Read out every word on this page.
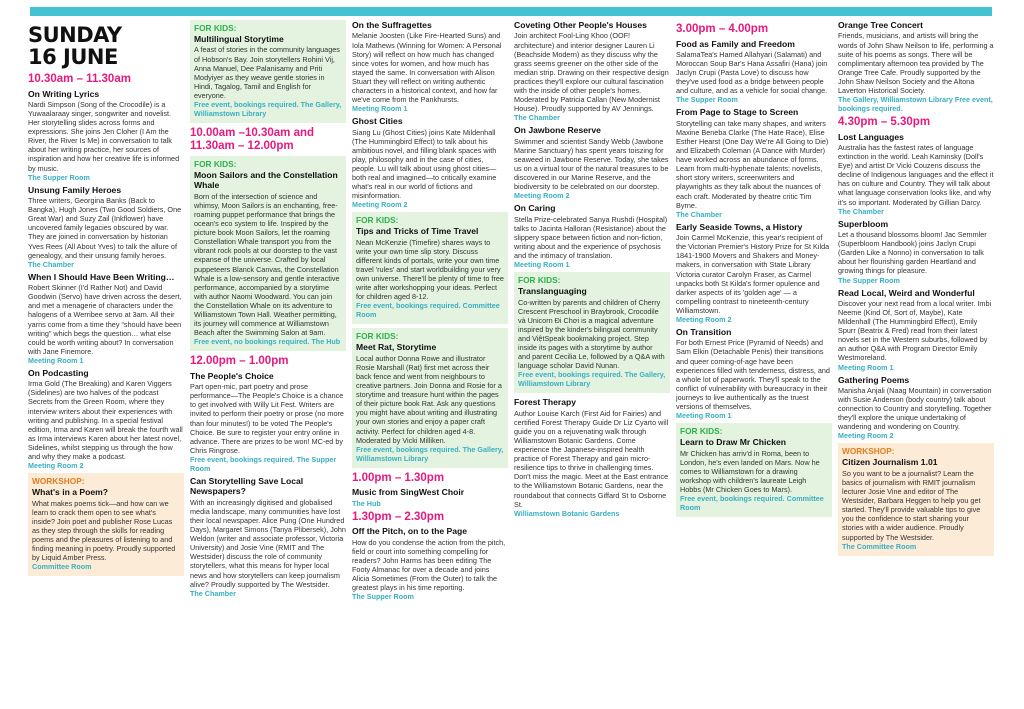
SUNDAY
16 JUNE
10.30am – 11.30am
On Writing Lyrics
Nardi Simpson (Song of the Crocodile) is a Yuwaalaraay singer, songwriter and novelist. Her storytelling slides across forms and expressions. She joins Jen Cloher (I Am the River, the River Is Me) in conversation to talk about her writing practice, her sources of inspiration and how her creative life is informed by music.
The Supper Room
Unsung Family Heroes
Three writers, Georgina Banks (Back to Bangka), Hugh Jones (Two Good Soldiers, One Great War) and Suzy Zail (Inkflower) have uncovered family legacies obscured by war. They are joined in conversation by historian Yves Rees (All About Yves) to talk the allure of genealogy, and their unsung family heroes.
The Chamber
When I Should Have Been Writing…
Robert Skinner (I'd Rather Not) and David Goodwin (Servo) have driven across the desert, and met a menagerie of characters under the halogens of a Werribee servo at 3am. All their yarns come from a time they “should have been writing” which begs the question… what else could be worth writing about? In conversation with Jane Finemore.
Meeting Room 1
On Podcasting
Irma Gold (The Breaking) and Karen Viggers (Sidelines) are two halves of the podcast Secrets from the Green Room, where they interview writers about their experiences with writing and publishing. In a special festival edition, Irma and Karen will break the fourth wall as Irma interviews Karen about her latest novel, Sidelines, whilst stepping us through the how and why they make a podcast.
Meeting Room 2
WORKSHOP:
What's in a Poem?
What makes poems tick—and how can we learn to crack them open to see what's inside? Join poet and publisher Rose Lucas as they step through the skills for reading poems and the pleasures of listening to and finding meaning in poetry. Proudly supported by Liquid Amber Press.
Committee Room
FOR KIDS:
Multilingual Storytime
A feast of stories in the community languages of Hobson's Bay. Join storytellers Rohini Vij, Anna Manuel, Dee Palanisamy and Priti Modyiyer as they weave gentle stories in Hindi, Tagalog, Tamil and English for everyone.
Free event, bookings required. The Gallery, Williamstown Library
10.00am –10.30am and 11.30am – 12.00pm
FOR KIDS:
Moon Sailors and the Constellation Whale
Born of the intersection of science and whimsy, Moon Sailors is an enchanting, free-roaming puppet performance that brings the ocean's eco system to life. Inspired by the picture book Moon Sailors, let the roaming Constellation Whale transport you from the vibrant rock pools at our doorstep to the vast expanse of the universe. Crafted by local puppeteers Blanck Canvas, the Constellation Whale is a low-sensory and gentle interactive performance, accompanied by a storytime with author Naomi Woodward. You can join the Constellation Whale on its adventure to Williamstown Town Hall. Weather permitting, its journey will commence at Williamstown Beach after the Swimming Salon at 9am.
Free event, no bookings required. The Hub
12.00pm – 1.00pm
The People's Choice
Part open-mic, part poetry and prose performance—The People's Choice is a chance to get involved with Willy Lit Fest. Writers are invited to perform their poetry or prose (no more than four minutes!) to be voted The People's Choice. Be sure to register your entry online in advance. There are prizes to be won! MC-ed by Chris Ringrose.
Free event, bookings required. The Supper Room
Can Storytelling Save Local Newspapers?
With an increasingly digitised and globalised media landscape, many communities have lost their local newspaper. Alice Pung (One Hundred Days), Margaret Simons (Tanya Plibersek), John Weldon (writer and associate professor, Victoria University) and Josie Vine (RMIT and The Westsider) discuss the role of community storytellers, what this means for hyper local news and how storytellers can keep journalism alive? Proudly supported by The Westsider.
The Chamber
On the Suffragettes
Melanie Joosten (Like Fire-Hearted Suns) and Iola Mathews (Winning for Women: A Personal Story) will reflect on how much has changed since votes for women, and how much has stayed the same. In conversation with Alison Stuart they will reflect on writing authentic characters in a historical context, and how far we've come from the Pankhursts.
Meeting Room 1
Ghost Cities
Siang Lu (Ghost Cities) joins Kate Mildenhall (The Hummingbird Effect) to talk about his ambitious novel, and filling blank spaces with play, philosophy and in the case of cities, people. Lu will talk about using ghost cities—both real and imagined—to critically examine what's real in our world of fictions and misinformation.
Meeting Room 2
FOR KIDS:
Tips and Tricks of Time Travel
Nean McKenzie (Timefire) shares ways to write your own time slip story. Discuss different kinds of portals, write your own time travel 'rules' and start worldbuilding your very own universe. There'll be plenty of time to free write after workshopping your ideas. Perfect for children aged 8-12.
Free event, bookings required. Committee Room
FOR KIDS:
Meet Rat, Storytime
Local author Donna Rowe and illustrator Rosie Marshall (Rat) first met across their back fence and went from neighbours to creative partners. Join Donna and Rosie for a storytime and treasure hunt within the pages of their picture book Rat. Ask any questions you might have about writing and illustrating your own stories and enjoy a paper craft activity. Perfect for children aged 4-8. Moderated by Vicki Milliken.
Free event, bookings required. The Gallery, Williamstown Library
1.00pm – 1.30pm
Music from SingWest Choir
The Hub
1.30pm – 2.30pm
Off the Pitch, on to the Page
How do you condense the action from the pitch, field or court into something compelling for readers? John Harms has been editing The Footy Almanac for over a decade and joins Alicia Sometimes (From the Outer) to talk the greatest plays in his time reporting.
The Supper Room
Coveting Other People's Houses
Join architect Fool-Ling Khoo (OOF! architecture) and interior designer Lauren Li (Beachside Modern) as they discuss why the grass seems greener on the other side of the median strip. Drawing on their respective design practices they'll explore our cultural fascination with the inside of other people's homes. Moderated by Patricia Callan (New Modernist House). Proudly supported by AV Jennings.
The Chamber
On Jawbone Reserve
Swimmer and scientist Sandy Webb (Jawbone Marine Sanctuary) has spent years toiszing for seaweed in Jawbone Reserve. Today, she takes us on a virtual tour of the natural treasures to be discovered in our Marine Reserve, and the biodiversity to be celebrated on our doorstep.
Meeting Room 2
On Caring
Stella Prize-celebrated Sanya Rushdi (Hospital) talks to Jacinta Halloran (Resistance) about the slippery space between fiction and non-fiction, writing about and the experience of psychosis and the intimacy of translation.
Meeting Room 1
FOR KIDS:
Translanguaging
Co-written by parents and children of Cherry Crescent Preschool in Braybrook, Crocodile và Unicorn Đi Chơi is a magical adventure inspired by the kinder's bilingual community and ViệtSpeak bookmaking project. Step inside its pages with a storytime by author and parent Cecilia Le, followed by a Q&A with language scholar David Nunan.
Free event, bookings required. The Gallery, Williamstown Library
Forest Therapy
Author Louise Karch (First Aid for Fairies) and certified Forest Therapy Guide Dr Liz Cyarto will guide you on a rejuvenating walk through Williamstown Botanic Gardens. Come experience the Japanese-inspired health practice of Forest Therapy and gain micro-resilience tips to thrive in challenging times. Don't miss the magic. Meet at the East entrance to the Williamstown Botanic Gardens, near the roundabout that connects Giffard St to Osborne St.
Williamstown Botanic Gardens
3.00pm – 4.00pm
Food as Family and Freedom
SalamaTea's Hamed Allahyari (Salamati) and Moroccan Soup Bar's Hana Assafiri (Hana) join Jaclyn Crupi (Pasta Love) to discuss how they've used food as a bridge between people and culture, and as a vehicle for social change.
The Supper Room
From Page to Stage to Screen
Storytelling can take many shapes, and writers Maxine Beneba Clarke (The Hate Race), Elise Esther Hearst (One Day We're All Going to Die) and Elizabeth Coleman (A Dance with Murder) have worked across an abundance of forms. Learn from multi-hyphenate talents: novelists, short story writers, screenwriters and playwrights as they talk about the nuances of each craft. Moderated by theatre critic Tim Byrne.
The Chamber
Early Seaside Towns, a History
Join Carmel McKenzie, this year's recipient of the Victorian Premier's History Prize for St Kilda 1841-1900 Movers and Shakers and Money-makers, in conversation with State Library Victoria curator Carolyn Fraser, as Carmel unpacks both St Kilda's former opulence and darker aspects of its 'golden age' — a compelling contrast to nineteenth-century Williamstown.
Meeting Room 2
On Transition
For both Ernest Price (Pyramid of Needs) and Sam Elkin (Detachable Penis) their transitions and queer coming-of-age have been experiences filled with tenderness, distress, and a whole lot of paperwork. They'll speak to the conflict of vulnerability with bureaucracy in their journeys to live authentically as the truest versions of themselves.
Meeting Room 1
FOR KIDS:
Learn to Draw Mr Chicken
Mr Chicken has arriv'd in Roma, been to London, he's even landed on Mars. Now he comes to Williamstown for a drawing workshop with children's laureate Leigh Hobbs (Mr Chicken Goes to Mars).
Free event, bookings required. Committee Room
Orange Tree Concert
Friends, musicians, and artists will bring the words of John Shaw Neilson to life, performing a suite of his poems as songs. There will be complimentary afternoon tea provided by The Orange Tree Cafe. Proudly supported by the John Shaw Neilson Society and the Altona Laverton Historical Society.
The Gallery, Williamstown Library Free event, bookings required.
4.30pm – 5.30pm
Lost Languages
Australia has the fastest rates of language extinction in the world. Leah Kaminsky (Doll's Eye) and artist Dr Vicki Couzens discuss the decline of Indigenous languages and the effect it has on culture and Country. They will talk about what language conservation looks like, and why it's so important. Moderated by Gillian Darcy.
The Chamber
Superbloom
Let a thousand blossoms bloom! Jac Semmler (Superbloom Handbook) joins Jaclyn Crupi (Garden Like a Nonno) in conversation to talk about her flourishing garden Heartland and growing things for pleasure.
The Supper Room
Read Local, Weird and Wonderful
Discover your next read from a local writer. Imbi Neeme (Kind Of, Sort of, Maybe), Kate Mildenhall (The Hummingbird Effect), Emily Spurr (Beatrix & Fred) read from their latest novels set in the Western suburbs, followed by an author Q&A with Program Director Emily Westmoreland.
Meeting Room 1
Gathering Poems
Manisha Anjali (Naag Mountain) in conversation with Susie Anderson (body country) talk about connection to Country and storytelling. Together they'll explore the unique undertaking of wandering and wondering on Country.
Meeting Room 2
WORKSHOP:
Citizen Journalism 1.01
So you want to be a journalist? Learn the basics of journalism with RMIT journalism lecturer Josie Vine and editor of The Westsider, Barbara Heggen to help you get started. They'll provide valuable tips to give you the confidence to start sharing your stories with a wider audience. Proudly supported by The Westsider.
The Committee Room
